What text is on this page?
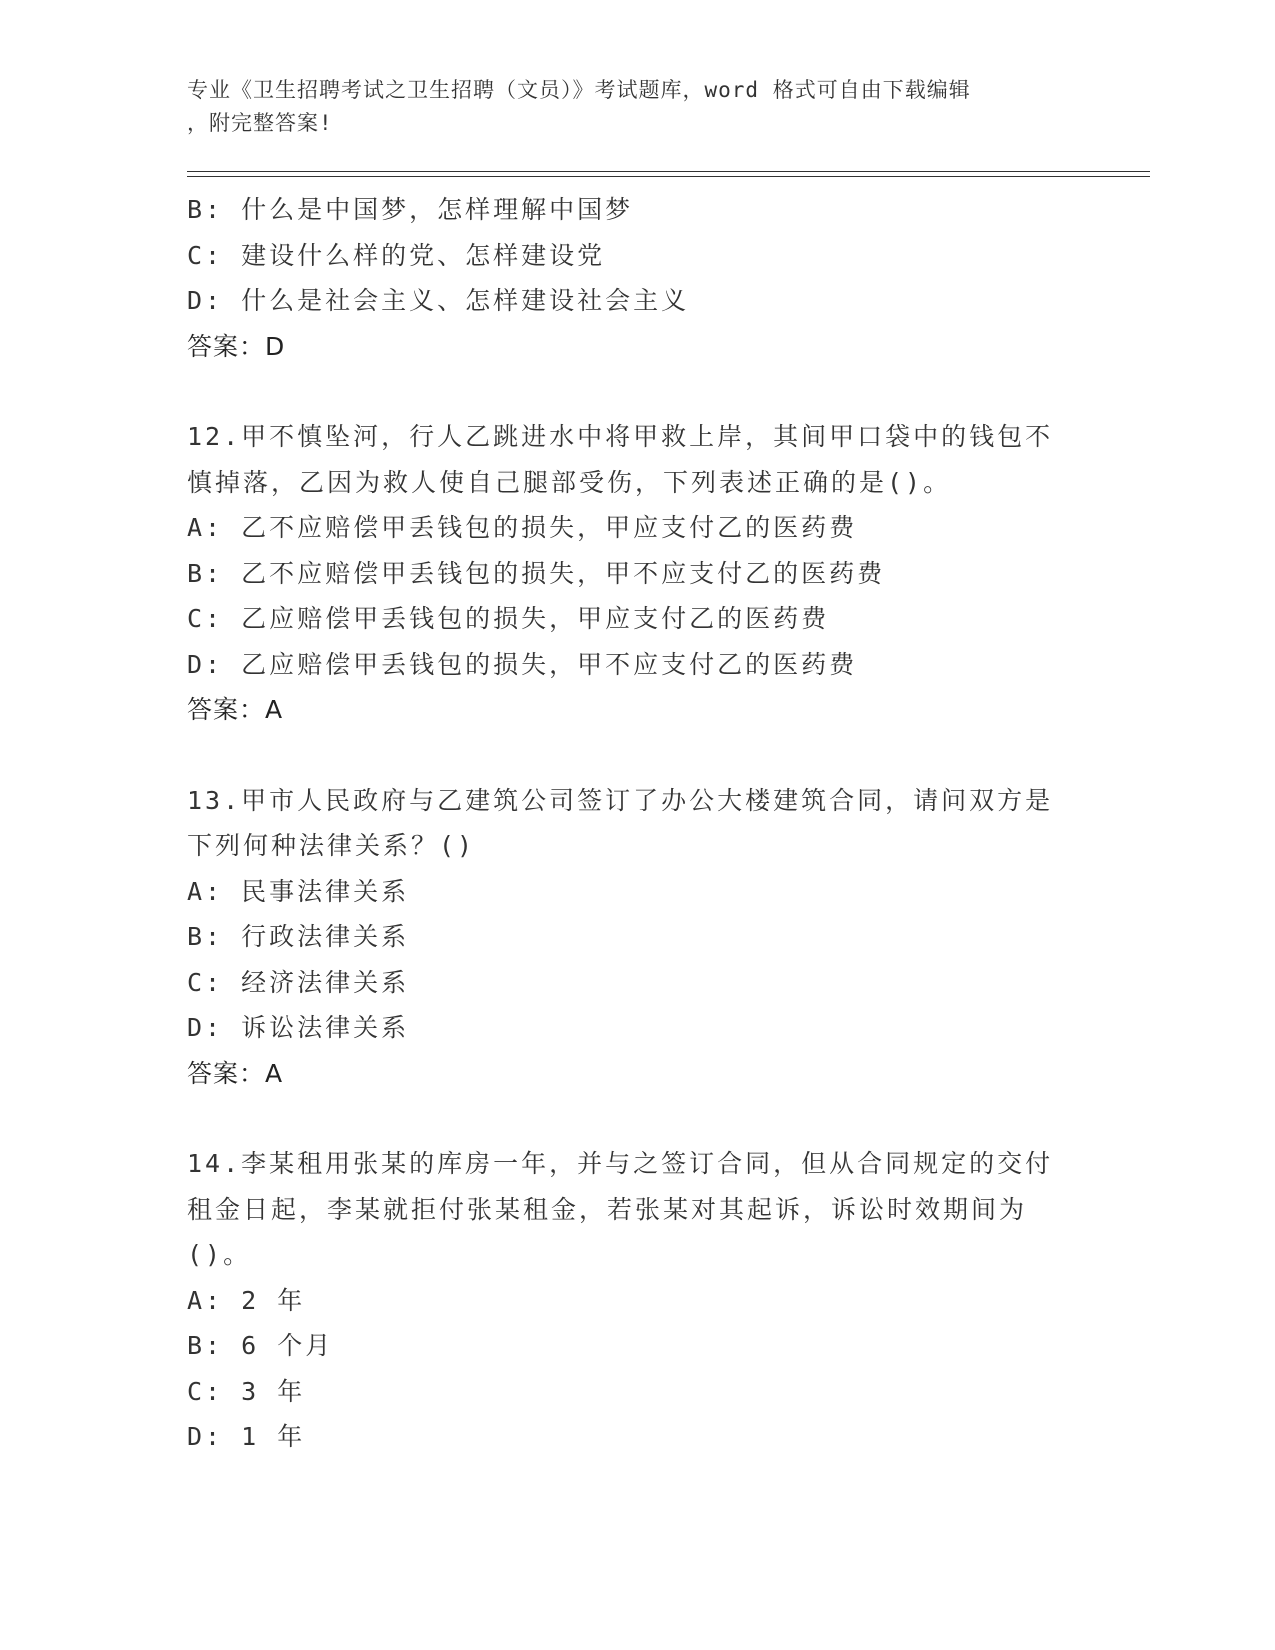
专业《卫生招聘考试之卫生招聘（文员）》考试题库，word 格式可自由下载编辑
，附完整答案!
B: 什么是中国梦，怎样理解中国梦
C: 建设什么样的党、怎样建设党
D: 什么是社会主义、怎样建设社会主义
答案：D
12.甲不慎坠河，行人乙跳进水中将甲救上岸，其间甲口袋中的钱包不
慎掉落，乙因为救人使自己腿部受伤，下列表述正确的是()。
A: 乙不应赔偿甲丢钱包的损失，甲应支付乙的医药费
B: 乙不应赔偿甲丢钱包的损失，甲不应支付乙的医药费
C: 乙应赔偿甲丢钱包的损失，甲应支付乙的医药费
D: 乙应赔偿甲丢钱包的损失，甲不应支付乙的医药费
答案：A
13.甲市人民政府与乙建筑公司签订了办公大楼建筑合同，请问双方是
下列何种法律关系？()
A: 民事法律关系
B: 行政法律关系
C: 经济法律关系
D: 诉讼法律关系
答案：A
14.李某租用张某的库房一年，并与之签订合同，但从合同规定的交付
租金日起，李某就拒付张某租金，若张某对其起诉，诉讼时效期间为
()。
A: 2 年
B: 6 个月
C: 3 年
D: 1 年
